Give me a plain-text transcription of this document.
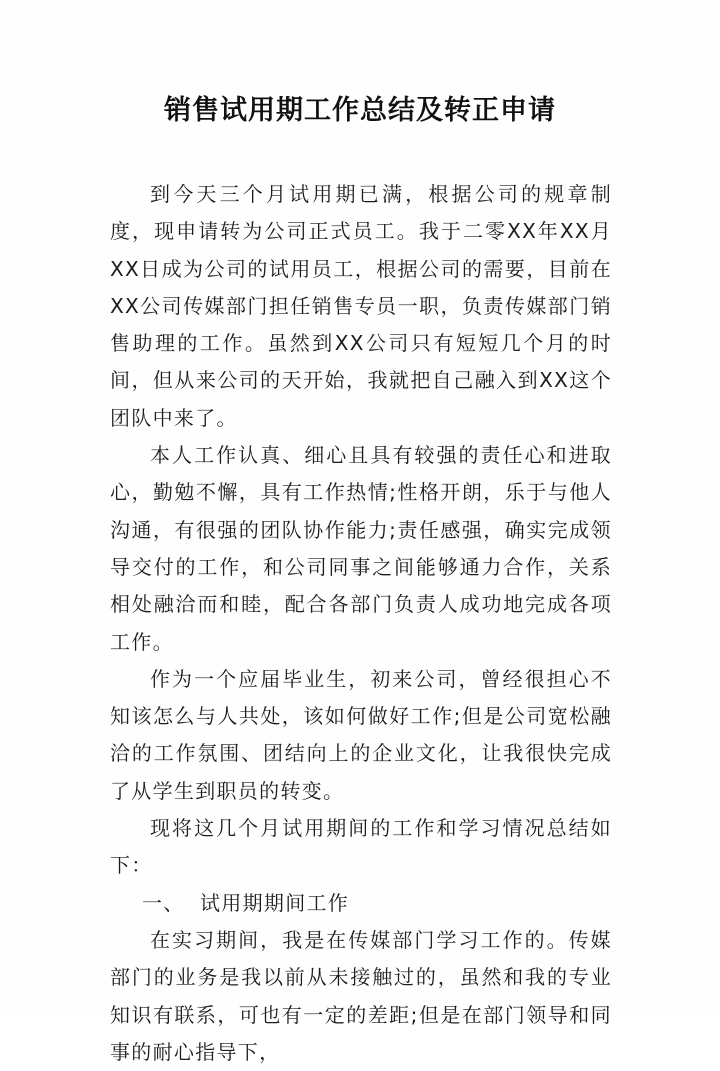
销售试用期工作总结及转正申请

到今天三个月试用期已满，根据公司的规章制度，现申请转为公司正式员工。我于二零XX年XX月XX日成为公司的试用员工，根据公司的需要，目前在XX公司传媒部门担任销售专员一职，负责传媒部门销售助理的工作。虽然到XX公司只有短短几个月的时间，但从来公司的天开始，我就把自己融入到XX这个团队中来了。

本人工作认真、细心且具有较强的责任心和进取心，勤勉不懈，具有工作热情;性格开朗，乐于与他人沟通，有很强的团队协作能力;责任感强，确实完成领导交付的工作，和公司同事之间能够通力合作，关系相处融洽而和睦，配合各部门负责人成功地完成各项工作。

作为一个应届毕业生，初来公司，曾经很担心不知该怎么与人共处，该如何做好工作;但是公司宽松融洽的工作氛围、团结向上的企业文化，让我很快完成了从学生到职员的转变。

现将这几个月试用期间的工作和学习情况总结如下：

一、 试用期期间工作

在实习期间，我是在传媒部门学习工作的。传媒部门的业务是我以前从未接触过的，虽然和我的专业知识有联系，可也有一定的差距;但是在部门领导和同事的耐心指导下，
